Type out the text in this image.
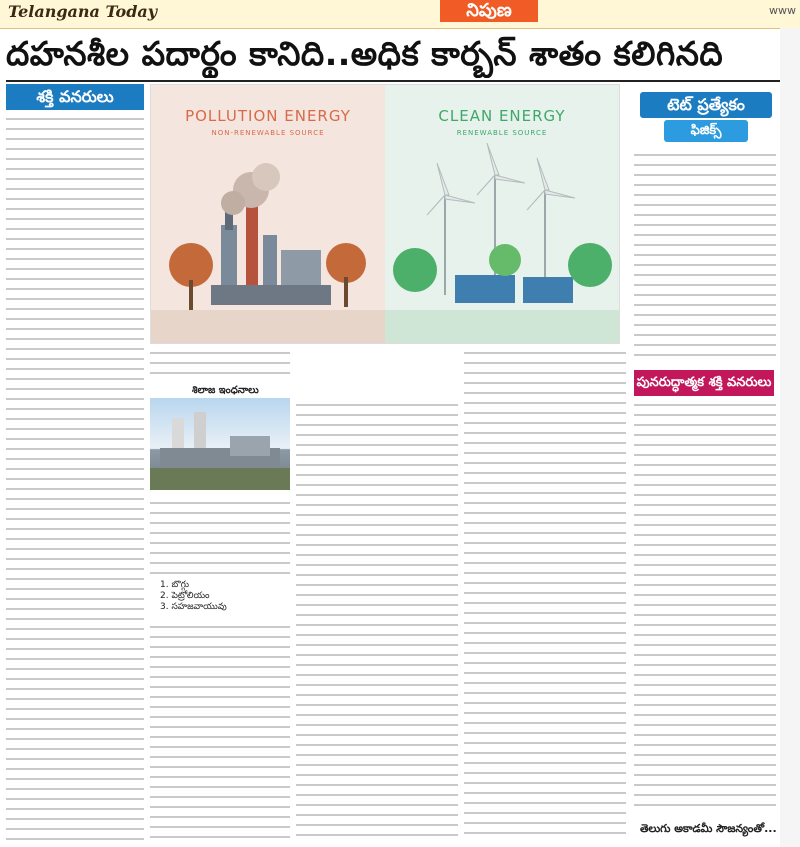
Telangana Today	నిపుణ	www
దహనశీల పదార్థం కానిది..అధిక కార్బన్ శాతం కలిగినది
శక్తి వనరులు	టెట్ ప్రత్యేకం
ఫిజిక్స్
పునరుద్ధాత్మక శక్తి వనరులు
POLLUTION ENERGY
NON-RENEWABLE SOURCE
CLEAN ENERGY
RENEWABLE SOURCE
శిలాజ ఇంధనాలు
1. బొగ్గు
2. పెట్రోలియం
3. సహజవాయువు
తెలుగు అకాడమీ సౌజన్యంతో...
